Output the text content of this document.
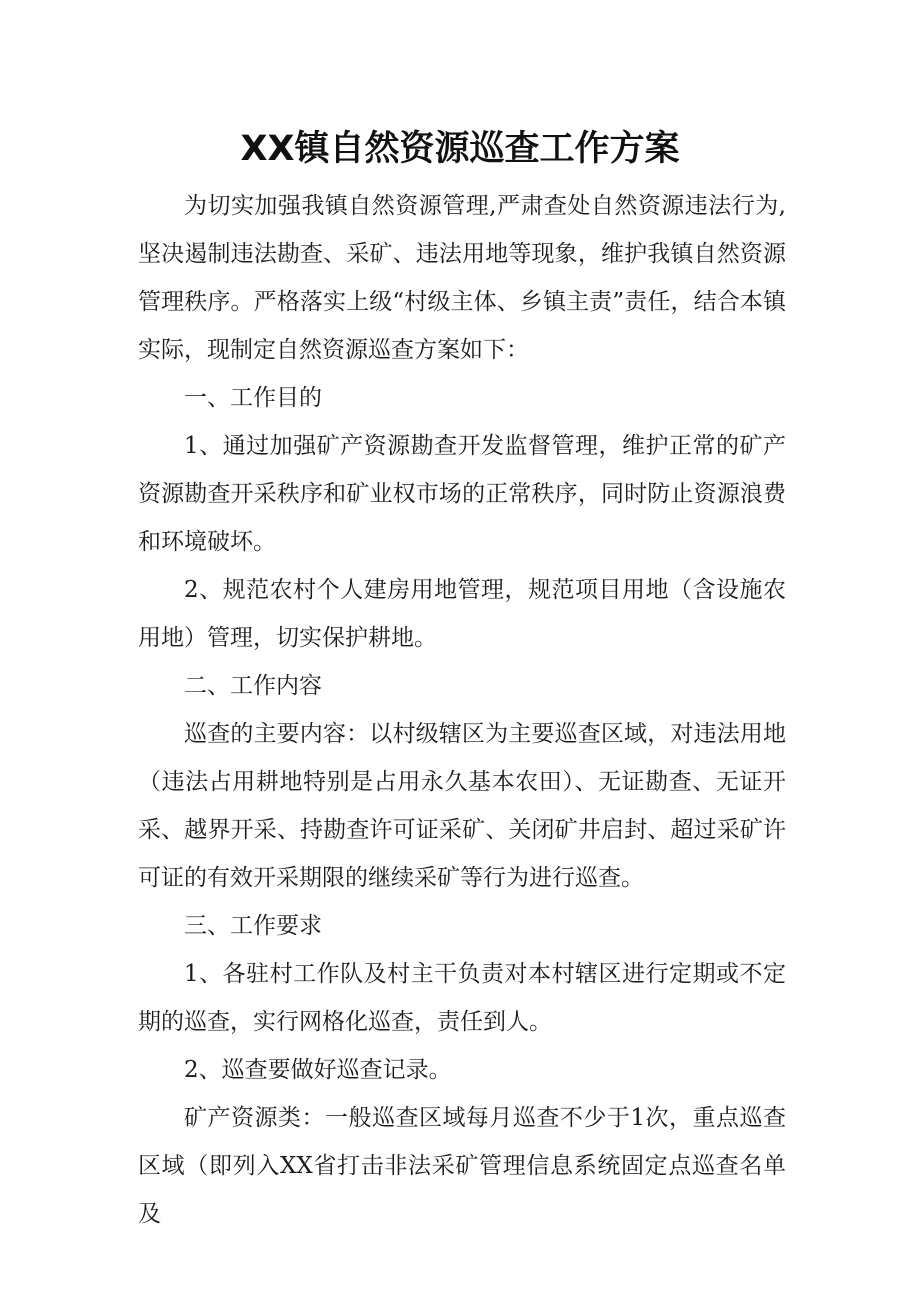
XX镇自然资源巡查工作方案

为切实加强我镇自然资源管理,严肃查处自然资源违法行为,坚决遏制违法勘查、采矿、违法用地等现象，维护我镇自然资源管理秩序。严格落实上级“村级主体、乡镇主责”责任，结合本镇实际，现制定自然资源巡查方案如下：

一、工作目的

1、通过加强矿产资源勘查开发监督管理，维护正常的矿产资源勘查开采秩序和矿业权市场的正常秩序，同时防止资源浪费和环境破坏。

2、规范农村个人建房用地管理，规范项目用地（含设施农用地）管理，切实保护耕地。

二、工作内容

巡查的主要内容：以村级辖区为主要巡查区域，对违法用地（违法占用耕地特别是占用永久基本农田）、无证勘查、无证开采、越界开采、持勘查许可证采矿、关闭矿井启封、超过采矿许可证的有效开采期限的继续采矿等行为进行巡查。

三、工作要求

1、各驻村工作队及村主干负责对本村辖区进行定期或不定期的巡查，实行网格化巡查，责任到人。

2、巡查要做好巡查记录。

矿产资源类：一般巡查区域每月巡查不少于1次，重点巡查区域（即列入XX省打击非法采矿管理信息系统固定点巡查名单及
